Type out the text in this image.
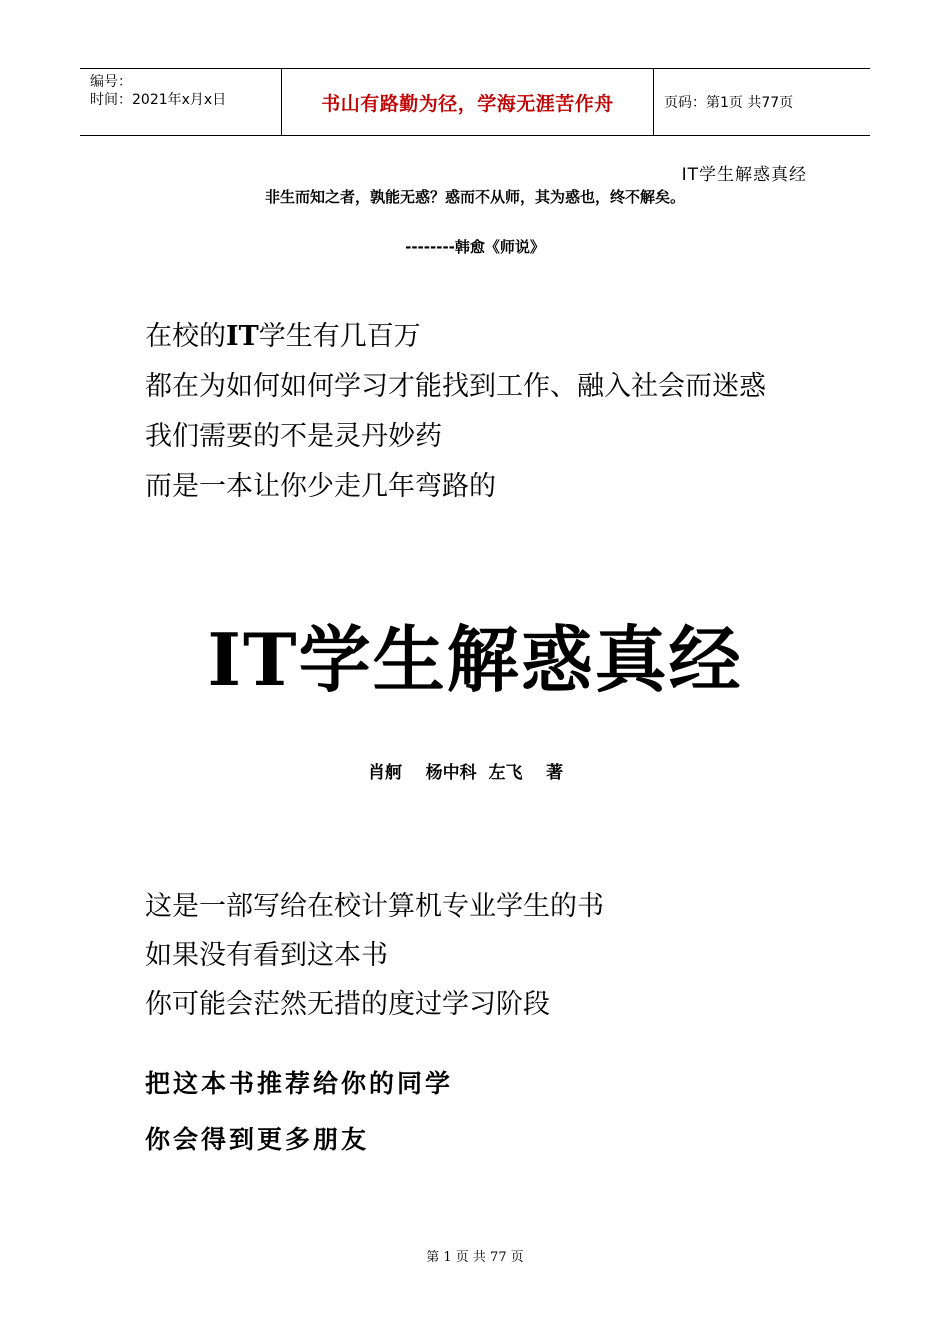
编号：
时间：2021年x月x日	书山有路勤为径，学海无涯苦作舟	页码：第1页 共77页
IT学生解惑真经
非生而知之者，孰能无惑？惑而不从师，其为惑也，终不解矣。
--------韩愈《师说》
在校的IT学生有几百万
都在为如何如何学习才能找到工作、融入社会而迷惑
我们需要的不是灵丹妙药
而是一本让你少走几年弯路的
IT学生解惑真经
肖舸    杨中科  左飞    著
这是一部写给在校计算机专业学生的书
如果没有看到这本书
你可能会茫然无措的度过学习阶段
把这本书推荐给你的同学
你会得到更多朋友
第 1 页 共 77 页
